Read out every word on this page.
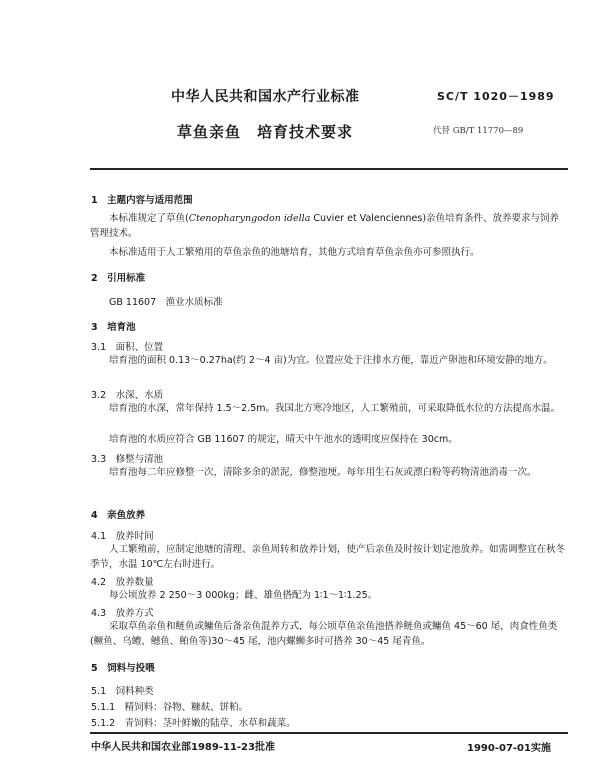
中华人民共和国水产行业标准	SC/T 1020－1989
草鱼亲鱼　培育技术要求	代替 GB/T 11770—89
1　主题内容与适用范围
本标准规定了草鱼(Ctenopharyngodon idella Cuvier et Valenciennes)亲鱼培育条件、放养要求与饲养管理技术。
本标准适用于人工繁殖用的草鱼亲鱼的池塘培育，其他方式培育草鱼亲鱼亦可参照执行。
2　引用标准
GB 11607　渔业水质标准
3　培育池
3.1　面积、位置
培育池的面积 0.13～0.27ha(约 2～4 亩)为宜。位置应处于注排水方便，靠近产卵池和环境安静的地方。
3.2　水深、水质
培育池的水深，常年保持 1.5～2.5m。我国北方寒冷地区，人工繁殖前，可采取降低水位的方法提高水温。
培育池的水质应符合 GB 11607 的规定，晴天中午池水的透明度应保持在 30cm。
3.3　修整与清池
培育池每二年应修整一次，清除多余的淤泥，修整池埂。每年用生石灰或漂白粉等药物清池消毒一次。
4　亲鱼放养
4.1　放养时间
人工繁殖前，应制定池塘的清理、亲鱼周转和放养计划，使产后亲鱼及时按计划定池放养。如需调整宜在秋冬季节，水温 10℃左右时进行。
4.2　放养数量
每公顷放养 2 250～3 000kg；雌、雄鱼搭配为 1∶1～1∶1.25。
4.3　放养方式
采取草鱼亲鱼和鲢鱼或鳙鱼后备亲鱼混养方式，每公顷草鱼亲鱼池搭养鲢鱼或鳙鱼 45～60 尾，肉食性鱼类(鳜鱼、乌鳢、鳡鱼、鲌鱼等)30～45 尾，池内螺蛳多时可搭养 30～45 尾青鱼。
5　饲料与投喂
5.1　饲料种类
5.1.1　精饲料：谷物、糠麸、饼粕。
5.1.2　青饲料：茎叶鲜嫩的陆草、水草和蔬菜。
中华人民共和国农业部1989-11-23批准	1990-07-01实施
